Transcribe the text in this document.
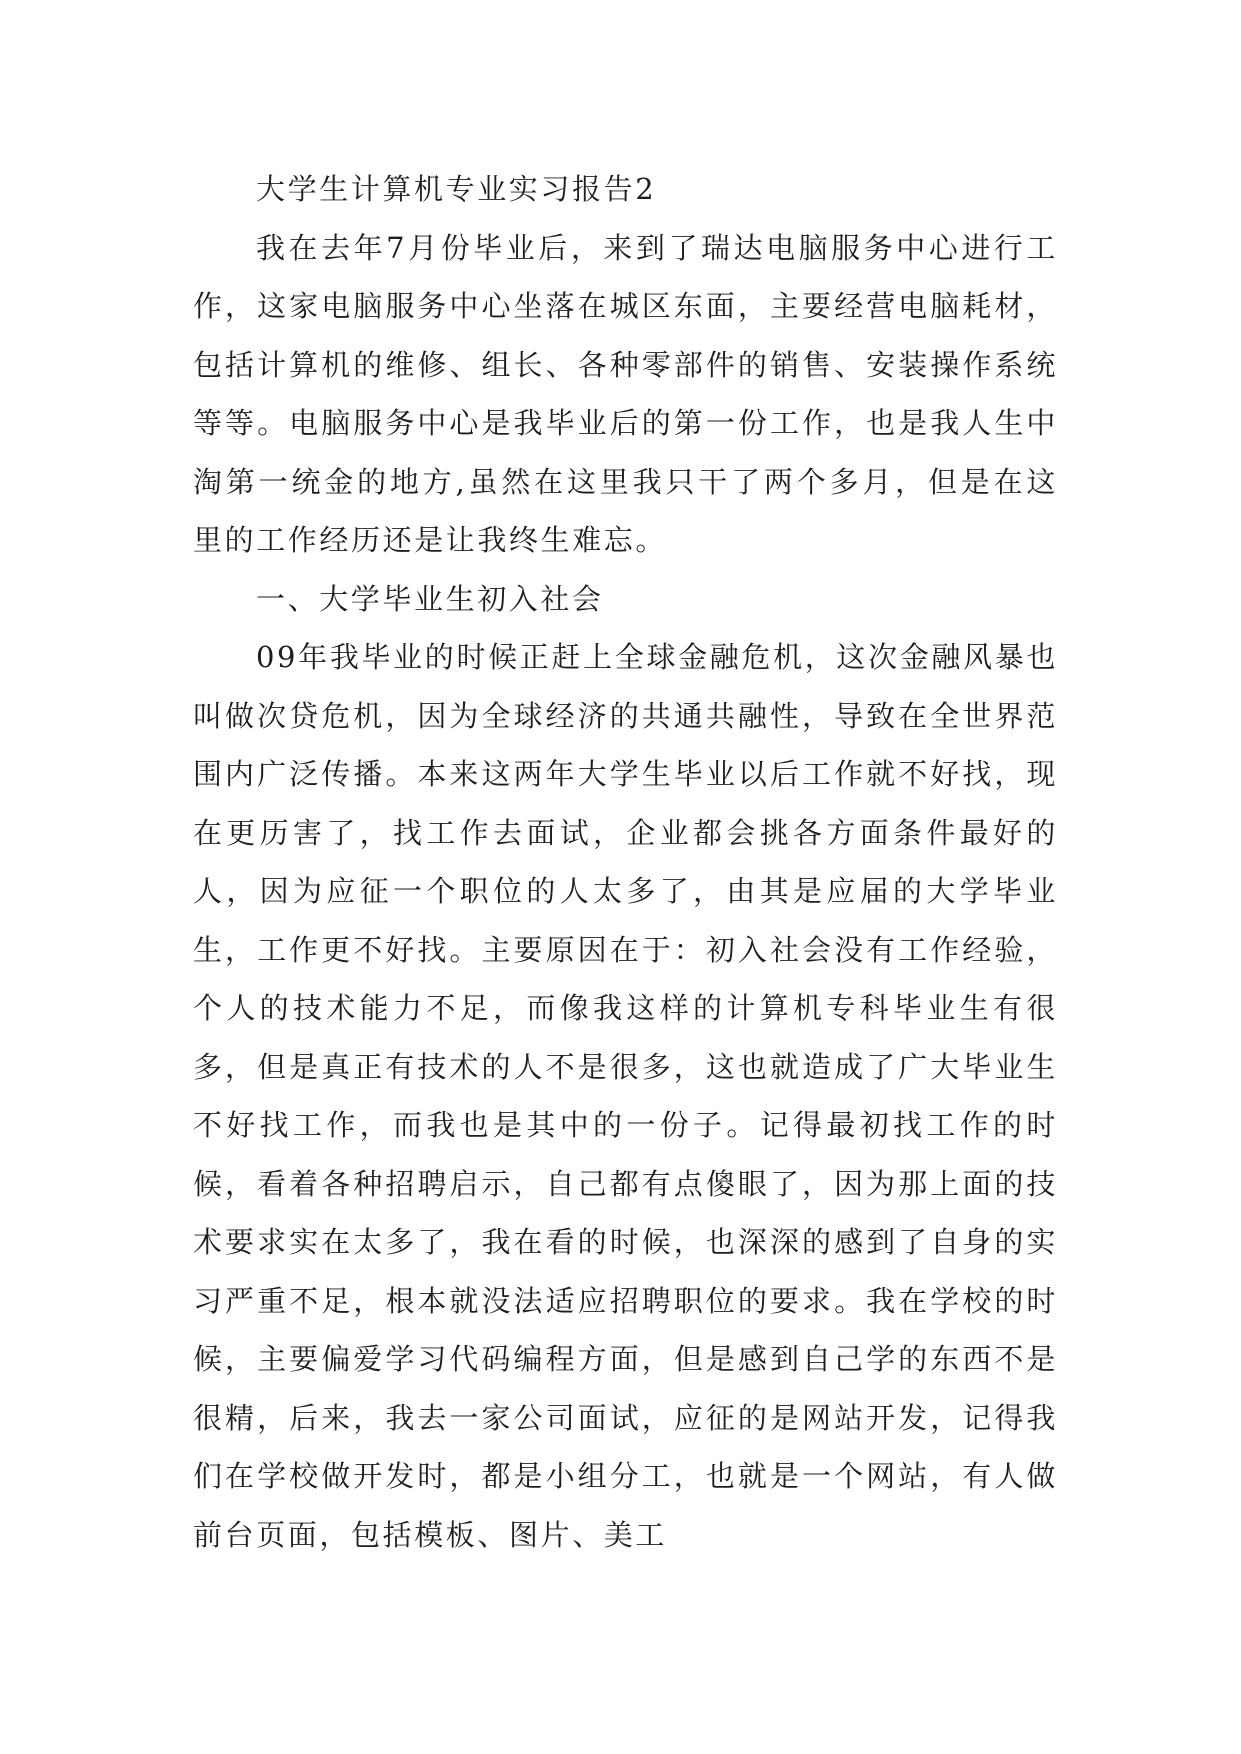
大学生计算机专业实习报告2

我在去年7月份毕业后，来到了瑞达电脑服务中心进行工作，这家电脑服务中心坐落在城区东面，主要经营电脑耗材，包括计算机的维修、组长、各种零部件的销售、安装操作系统等等。电脑服务中心是我毕业后的第一份工作，也是我人生中淘第一统金的地方,虽然在这里我只干了两个多月，但是在这里的工作经历还是让我终生难忘。

一、大学毕业生初入社会

09年我毕业的时候正赶上全球金融危机，这次金融风暴也叫做次贷危机，因为全球经济的共通共融性，导致在全世界范围内广泛传播。本来这两年大学生毕业以后工作就不好找，现在更历害了，找工作去面试，企业都会挑各方面条件最好的人，因为应征一个职位的人太多了，由其是应届的大学毕业生，工作更不好找。主要原因在于：初入社会没有工作经验，个人的技术能力不足，而像我这样的计算机专科毕业生有很多，但是真正有技术的人不是很多，这也就造成了广大毕业生不好找工作，而我也是其中的一份子。记得最初找工作的时候，看着各种招聘启示，自己都有点傻眼了，因为那上面的技术要求实在太多了，我在看的时候，也深深的感到了自身的实习严重不足，根本就没法适应招聘职位的要求。我在学校的时候，主要偏爱学习代码编程方面，但是感到自己学的东西不是很精，后来，我去一家公司面试，应征的是网站开发，记得我们在学校做开发时，都是小组分工，也就是一个网站，有人做前台页面，包括模板、图片、美工
